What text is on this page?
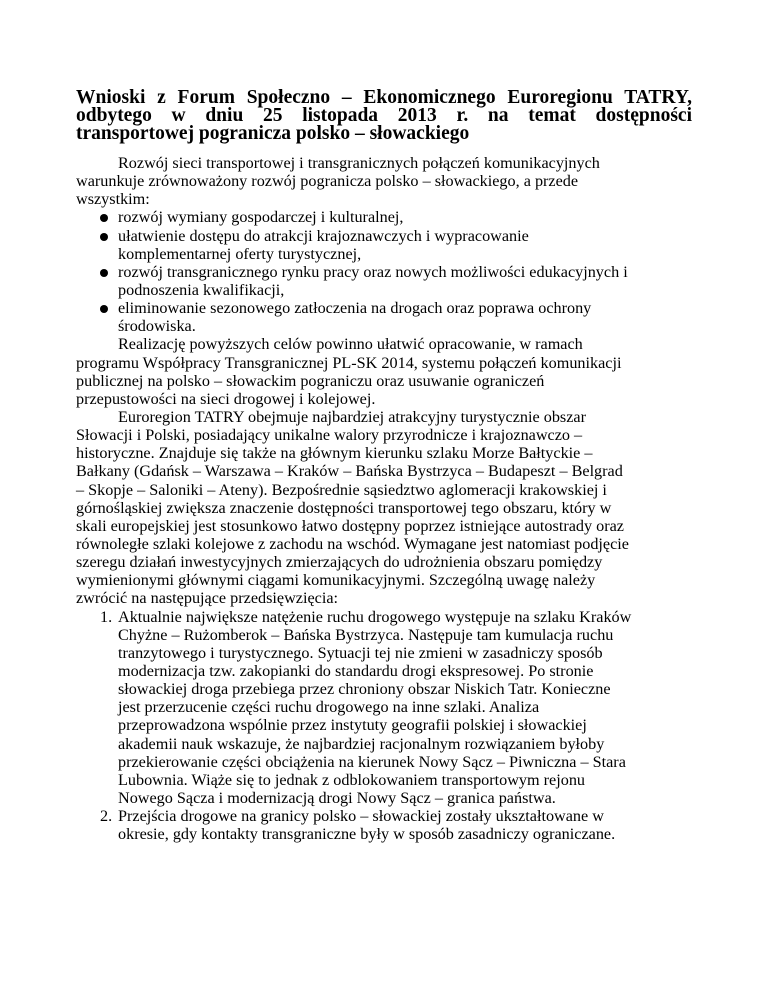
Wnioski z Forum Społeczno – Ekonomicznego Euroregionu TATRY,
odbytego w dniu 25 listopada 2013 r. na temat dostępności
transportowej pogranicza polsko – słowackiego
Rozwój sieci transportowej i transgranicznych połączeń komunikacyjnych
warunkuje zrównoważony rozwój pogranicza polsko – słowackiego, a przede
wszystkim:
rozwój wymiany gospodarczej i kulturalnej,
ułatwienie dostępu do atrakcji krajoznawczych i wypracowanie
komplementarnej oferty turystycznej,
rozwój transgranicznego rynku pracy oraz nowych możliwości edukacyjnych i
podnoszenia kwalifikacji,
eliminowanie sezonowego zatłoczenia na drogach oraz poprawa ochrony
środowiska.
Realizację powyższych celów powinno ułatwić opracowanie, w ramach
programu Współpracy Transgranicznej PL-SK 2014, systemu połączeń komunikacji
publicznej na polsko – słowackim pograniczu oraz usuwanie ograniczeń
przepustowości na sieci drogowej i kolejowej.
Euroregion TATRY obejmuje najbardziej atrakcyjny turystycznie obszar
Słowacji i Polski, posiadający unikalne walory przyrodnicze i krajoznawczo –
historyczne. Znajduje się także na głównym kierunku szlaku Morze Bałtyckie –
Bałkany (Gdańsk – Warszawa – Kraków – Bańska Bystrzyca – Budapeszt – Belgrad
– Skopje – Saloniki – Ateny). Bezpośrednie sąsiedztwo aglomeracji krakowskiej i
górnośląskiej zwiększa znaczenie dostępności transportowej tego obszaru, który w
skali europejskiej jest stosunkowo łatwo dostępny poprzez istniejące autostrady oraz
równoległe szlaki kolejowe z zachodu na wschód. Wymagane jest natomiast podjęcie
szeregu działań inwestycyjnych zmierzających do udrożnienia obszaru pomiędzy
wymienionymi głównymi ciągami komunikacyjnymi. Szczególną uwagę należy
zwrócić na następujące przedsięwzięcia:
1. Aktualnie największe natężenie ruchu drogowego występuje na szlaku Kraków
Chyżne – Rużomberok – Bańska Bystrzyca. Następuje tam kumulacja ruchu
tranzytowego i turystycznego. Sytuacji tej nie zmieni w zasadniczy sposób
modernizacja tzw. zakopianki do standardu drogi ekspresowej. Po stronie
słowackiej droga przebiega przez chroniony obszar Niskich Tatr. Konieczne
jest przerzucenie części ruchu drogowego na inne szlaki. Analiza
przeprowadzona wspólnie przez instytuty geografii polskiej i słowackiej
akademii nauk wskazuje, że najbardziej racjonalnym rozwiązaniem byłoby
przekierowanie części obciążenia na kierunek Nowy Sącz – Piwniczna – Stara
Lubownia. Wiąże się to jednak z odblokowaniem transportowym rejonu
Nowego Sącza i modernizacją drogi Nowy Sącz – granica państwa.
2. Przejścia drogowe na granicy polsko – słowackiej zostały ukształtowane w
okresie, gdy kontakty transgraniczne były w sposób zasadniczy ograniczane.
